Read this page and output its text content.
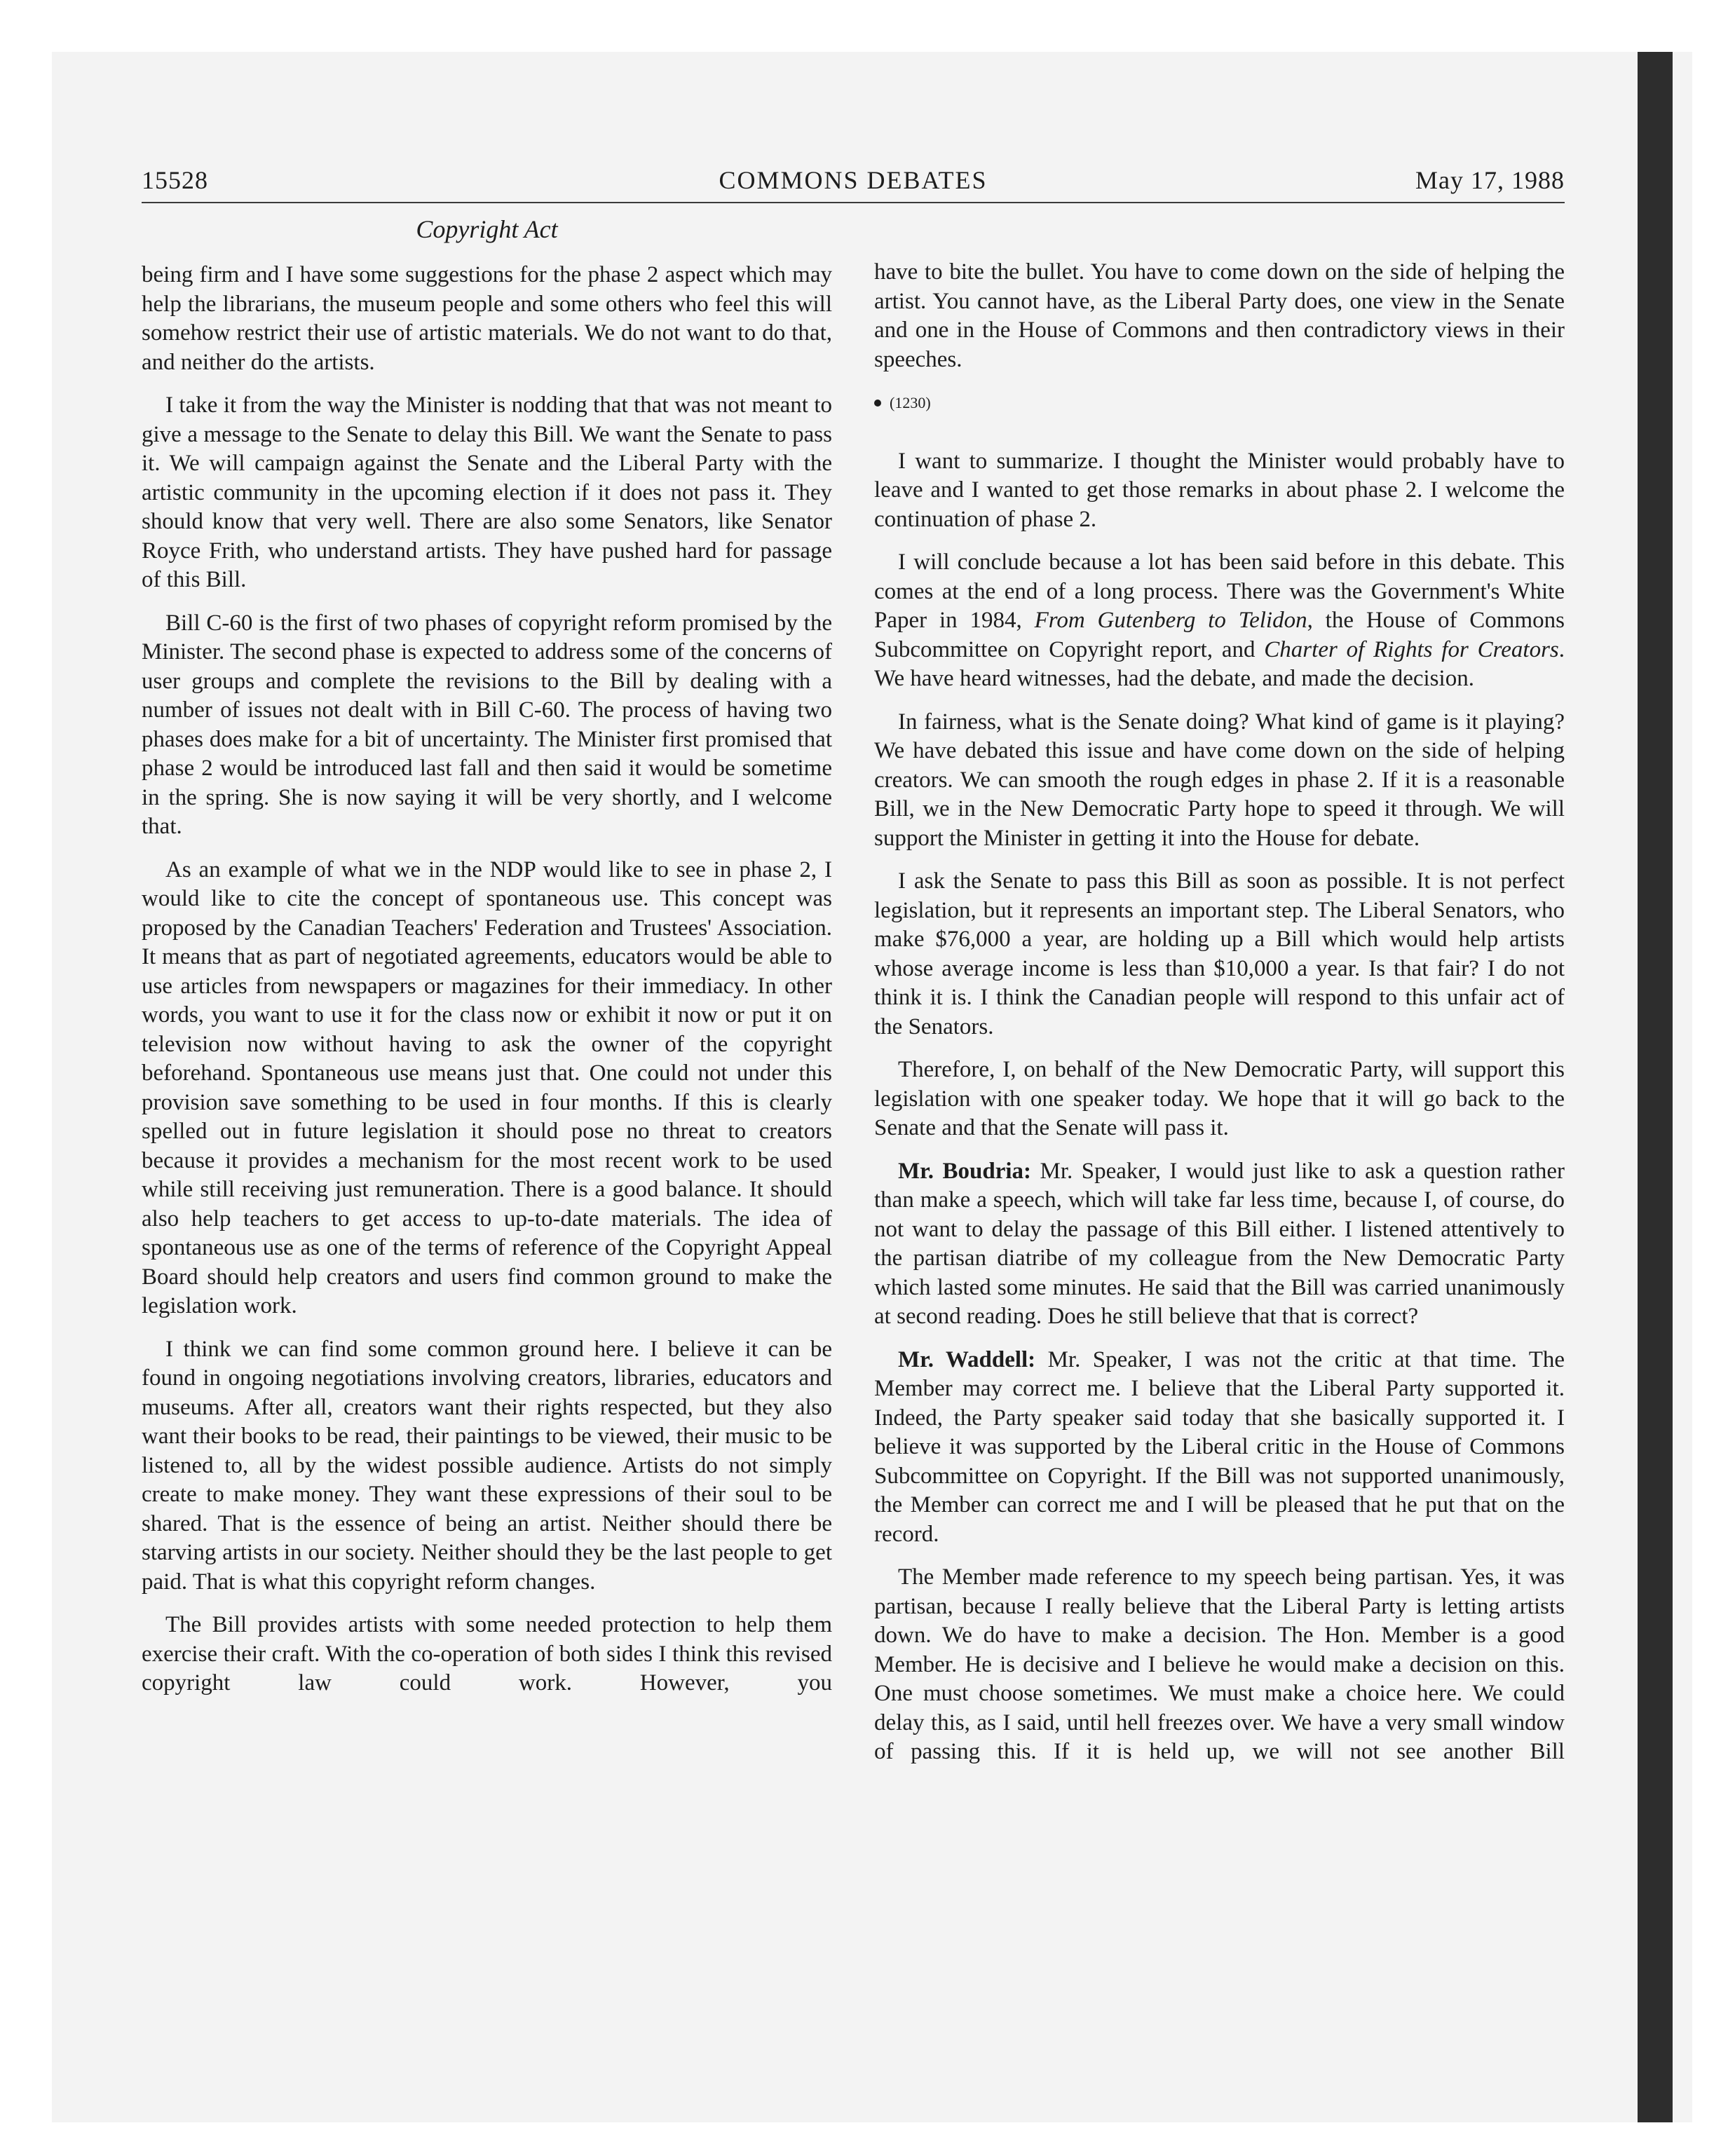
15528	COMMONS DEBATES	May 17, 1988
Copyright Act

being firm and I have some suggestions for the phase 2 aspect which may help the librarians, the museum people and some others who feel this will somehow restrict their use of artistic materials. We do not want to do that, and neither do the artists.

I take it from the way the Minister is nodding that that was not meant to give a message to the Senate to delay this Bill. We want the Senate to pass it. We will campaign against the Senate and the Liberal Party with the artistic community in the upcoming election if it does not pass it. They should know that very well. There are also some Senators, like Senator Royce Frith, who understand artists. They have pushed hard for passage of this Bill.

Bill C-60 is the first of two phases of copyright reform promised by the Minister. The second phase is expected to address some of the concerns of user groups and complete the revisions to the Bill by dealing with a number of issues not dealt with in Bill C-60. The process of having two phases does make for a bit of uncertainty. The Minister first promised that phase 2 would be introduced last fall and then said it would be sometime in the spring. She is now saying it will be very shortly, and I welcome that.

As an example of what we in the NDP would like to see in phase 2, I would like to cite the concept of spontaneous use. This concept was proposed by the Canadian Teachers' Federation and Trustees' Association. It means that as part of negotiated agreements, educators would be able to use articles from newspapers or magazines for their immediacy. In other words, you want to use it for the class now or exhibit it now or put it on television now without having to ask the owner of the copyright beforehand. Spontaneous use means just that. One could not under this provision save something to be used in four months. If this is clearly spelled out in future legislation it should pose no threat to creators because it provides a mechanism for the most recent work to be used while still receiving just remuneration. There is a good balance. It should also help teachers to get access to up-to-date materials. The idea of spontaneous use as one of the terms of reference of the Copyright Appeal Board should help creators and users find common ground to make the legislation work.

I think we can find some common ground here. I believe it can be found in ongoing negotiations involving creators, libraries, educators and museums. After all, creators want their rights respected, but they also want their books to be read, their paintings to be viewed, their music to be listened to, all by the widest possible audience. Artists do not simply create to make money. They want these expressions of their soul to be shared. That is the essence of being an artist. Neither should there be starving artists in our society. Neither should they be the last people to get paid. That is what this copyright reform changes.

The Bill provides artists with some needed protection to help them exercise their craft. With the co-operation of both sides I think this revised copyright law could work. However, you

have to bite the bullet. You have to come down on the side of helping the artist. You cannot have, as the Liberal Party does, one view in the Senate and one in the House of Commons and then contradictory views in their speeches.

(1230)

I want to summarize. I thought the Minister would probably have to leave and I wanted to get those remarks in about phase 2. I welcome the continuation of phase 2.

I will conclude because a lot has been said before in this debate. This comes at the end of a long process. There was the Government's White Paper in 1984, From Gutenberg to Telidon, the House of Commons Subcommittee on Copyright report, and Charter of Rights for Creators. We have heard witnesses, had the debate, and made the decision.

In fairness, what is the Senate doing? What kind of game is it playing? We have debated this issue and have come down on the side of helping creators. We can smooth the rough edges in phase 2. If it is a reasonable Bill, we in the New Democratic Party hope to speed it through. We will support the Minister in getting it into the House for debate.

I ask the Senate to pass this Bill as soon as possible. It is not perfect legislation, but it represents an important step. The Liberal Senators, who make $76,000 a year, are holding up a Bill which would help artists whose average income is less than $10,000 a year. Is that fair? I do not think it is. I think the Canadian people will respond to this unfair act of the Senators.

Therefore, I, on behalf of the New Democratic Party, will support this legislation with one speaker today. We hope that it will go back to the Senate and that the Senate will pass it.

Mr. Boudria: Mr. Speaker, I would just like to ask a question rather than make a speech, which will take far less time, because I, of course, do not want to delay the passage of this Bill either. I listened attentively to the partisan diatribe of my colleague from the New Democratic Party which lasted some minutes. He said that the Bill was carried unanimously at second reading. Does he still believe that that is correct?

Mr. Waddell: Mr. Speaker, I was not the critic at that time. The Member may correct me. I believe that the Liberal Party supported it. Indeed, the Party speaker said today that she basically supported it. I believe it was supported by the Liberal critic in the House of Commons Subcommittee on Copyright. If the Bill was not supported unanimously, the Member can correct me and I will be pleased that he put that on the record.

The Member made reference to my speech being partisan. Yes, it was partisan, because I really believe that the Liberal Party is letting artists down. We do have to make a decision. The Hon. Member is a good Member. He is decisive and I believe he would make a decision on this. One must choose sometimes. We must make a choice here. We could delay this, as I said, until hell freezes over. We have a very small window of passing this. If it is held up, we will not see another Bill
